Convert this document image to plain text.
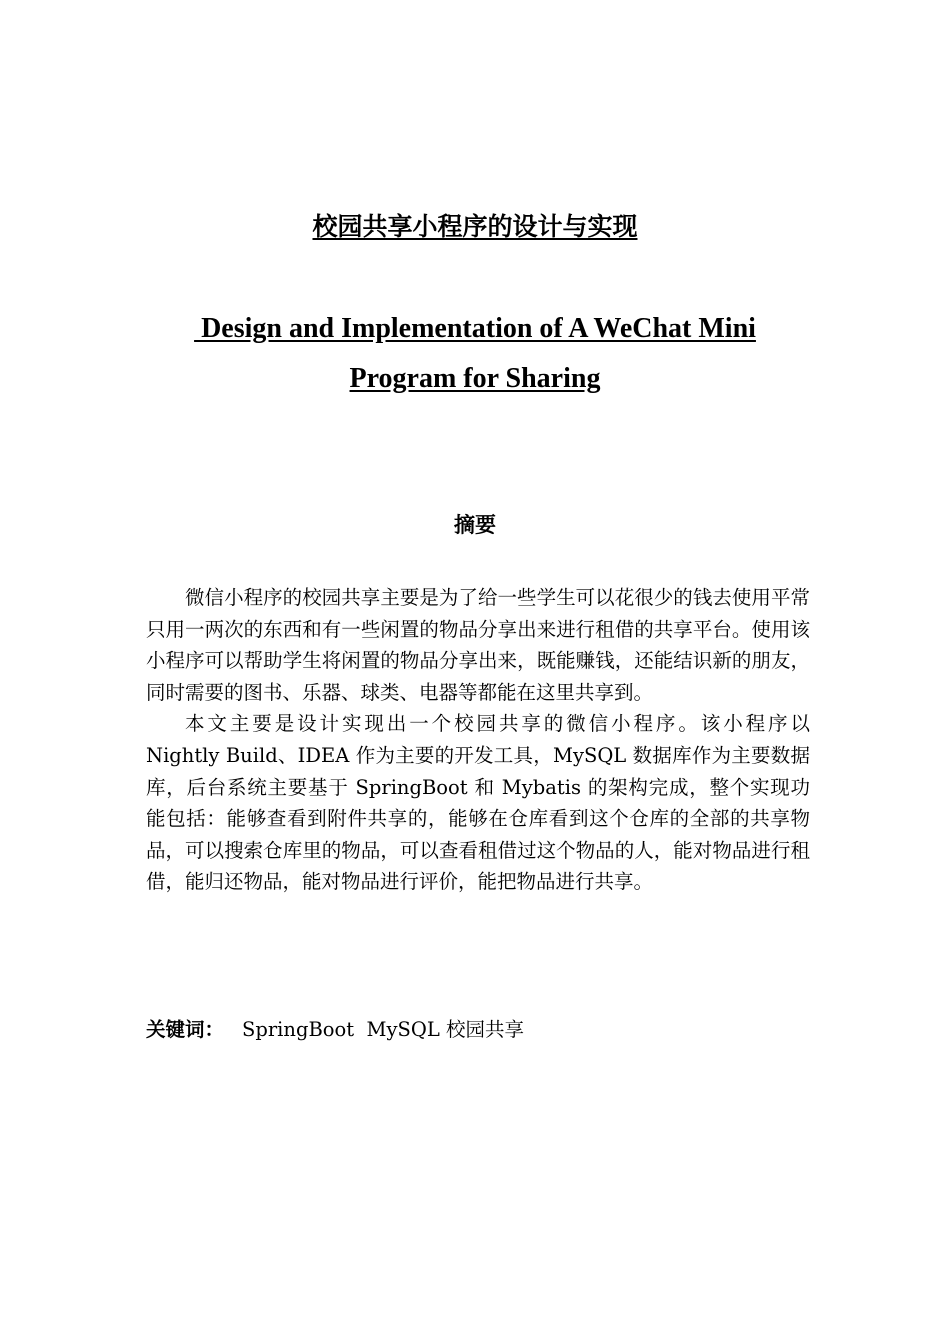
校园共享小程序的设计与实现
Design and Implementation of A WeChat Mini
Program for Sharing
摘要

微信小程序的校园共享主要是为了给一些学生可以花很少的钱去使用平常只用一两次的东西和有一些闲置的物品分享出来进行租借的共享平台。使用该小程序可以帮助学生将闲置的物品分享出来，既能赚钱，还能结识新的朋友，同时需要的图书、乐器、球类、电器等都能在这里共享到。

本文主要是设计实现出一个校园共享的微信小程序。该小程序以 Nightly Build、IDEA 作为主要的开发工具，MySQL 数据库作为主要数据库，后台系统主要基于 SpringBoot 和 Mybatis 的架构完成，整个实现功能包括：能够查看到附件共享的，能够在仓库看到这个仓库的全部的共享物品，可以搜索仓库里的物品，可以查看租借过这个物品的人，能对物品进行租借，能归还物品，能对物品进行评价，能把物品进行共享。

关键词： SpringBoot  MySQL 校园共享
